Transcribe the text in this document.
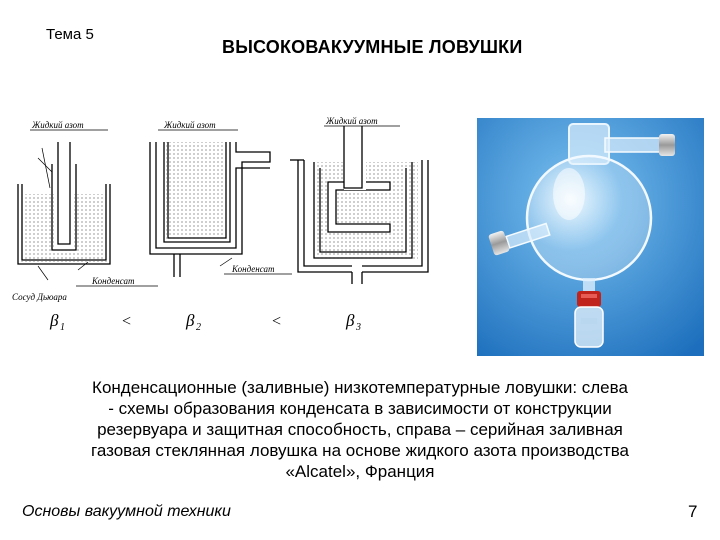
Тема 5
ВЫСОКОВАКУУМНЫЕ ЛОВУШКИ
Жидкий азот
Конденсат
Сосуд Дьюара
Жидкий азот
Конденсат
Жидкий азот
β 1	<	β 2	<	β 3
Конденсационные (заливные) низкотемпературные ловушки: слева
- схемы образования конденсата в зависимости от конструкции
резервуара и защитная способность, справа – серийная заливная
газовая стеклянная ловушка на основе жидкого азота производства
«Alcatel», Франция
Основы вакуумной техники	7
